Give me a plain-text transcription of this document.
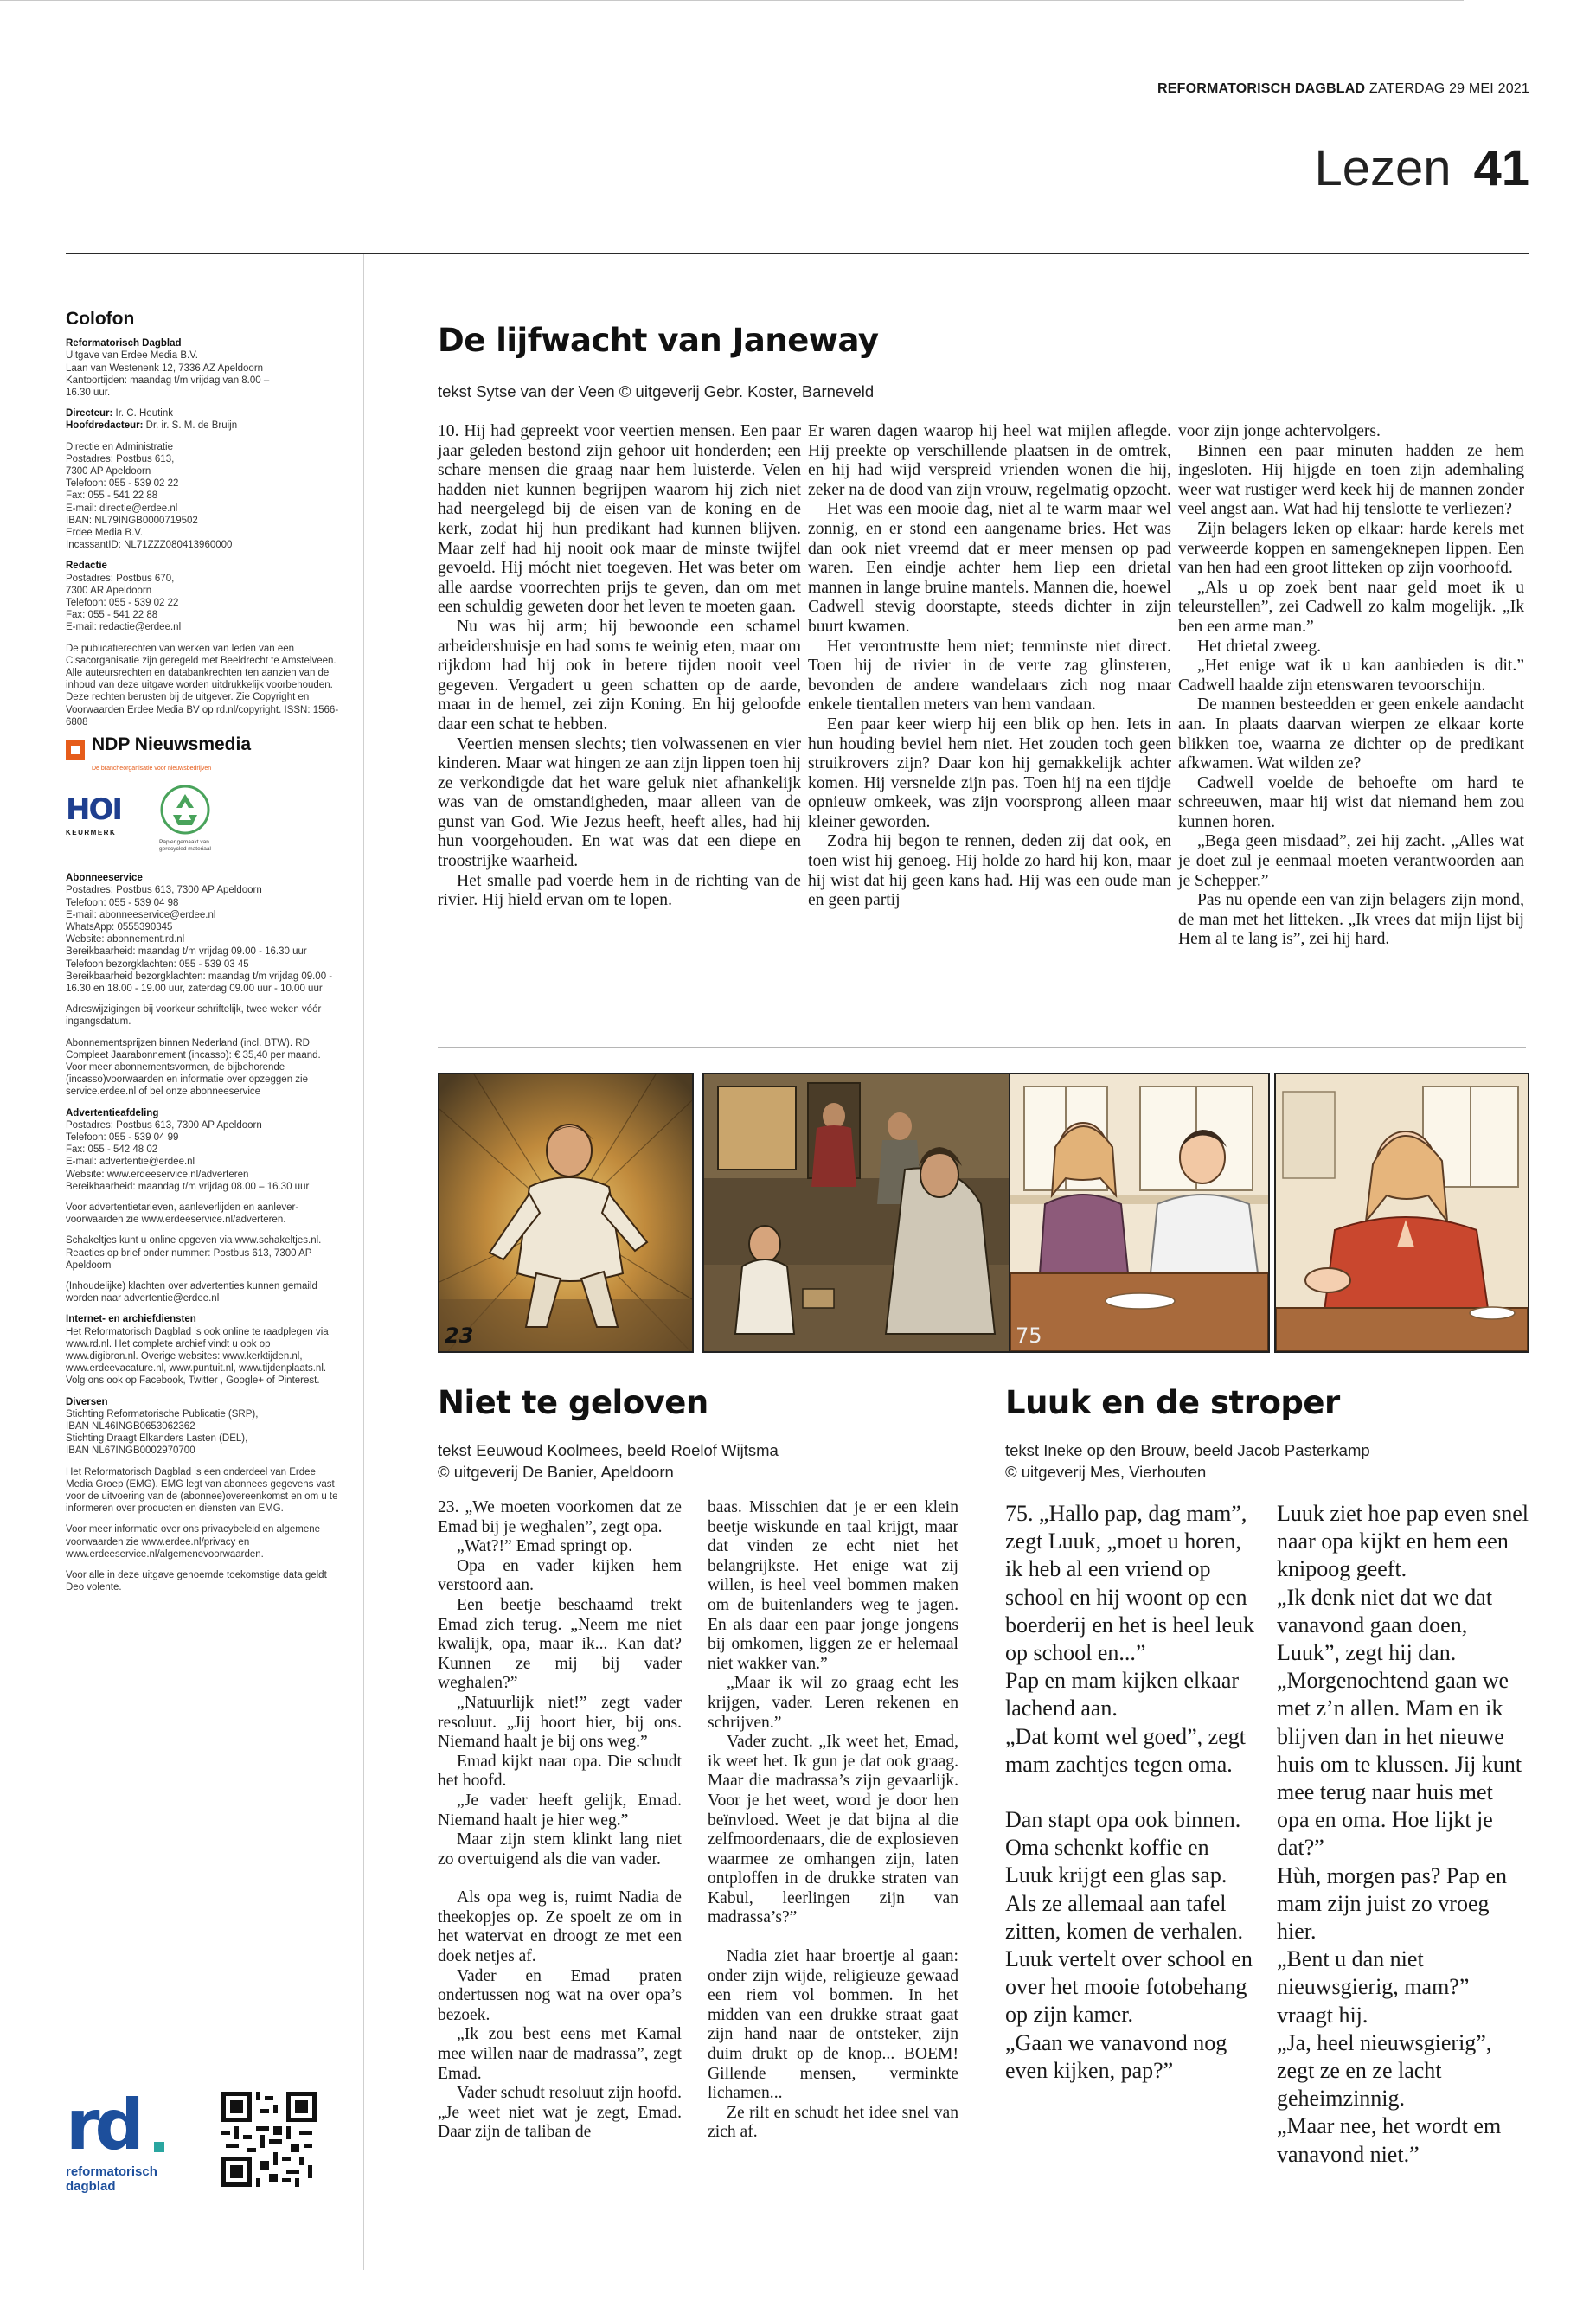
REFORMATORISCH DAGBLAD ZATERDAG 29 MEI 2021
Lezen 41
Colofon

Reformatorisch Dagblad

Uitgave van Erdee Media B.V.

Laan van Westenenk 12, 7336 AZ Apeldoorn

Kantoortijden: maandag t/m vrijdag van 8.00 –

16.30 uur.

Directeur: Ir. C. Heutink

Hoofdredacteur: Dr. ir. S. M. de Bruijn

Directie en Administratie

Postadres: Postbus 613,

7300 AP Apeldoorn

Telefoon: 055 - 539 02 22

Fax: 055 - 541 22 88

E-mail: directie@erdee.nl

IBAN: NL79INGB0000719502

Erdee Media B.V.

IncassantID: NL71ZZZ080413960000

Redactie

Postadres: Postbus 670,

7300 AR Apeldoorn

Telefoon: 055 - 539 02 22

Fax: 055 - 541 22 88

E-mail: redactie@erdee.nl

De publicatierechten van werken van leden van een Cisacorganisatie zijn geregeld met Beeldrecht te Amstelveen. Alle auteursrechten en databankrechten ten aanzien van de inhoud van deze uitgave worden uitdrukkelijk voorbehouden. Deze rechten berusten bij de uitgever. Zie Copyright en Voorwaarden Erdee Media BV op rd.nl/copyright. ISSN: 1566-6808
NDP Nieuwsmedia
De brancheorganisatie voor nieuwsbedrijven
HOI
KEURMERK
Papier gemaakt van gerecycled materiaal

Abonneeservice

Postadres: Postbus 613, 7300 AP Apeldoorn

Telefoon: 055 - 539 04 98

E-mail: abonneeservice@erdee.nl

WhatsApp: 0555390345

Website: abonnement.rd.nl

Bereikbaarheid: maandag t/m vrijdag 09.00 - 16.30 uur

Telefoon bezorgklachten: 055 - 539 03 45

Bereikbaarheid bezorgklachten: maandag t/m vrijdag 09.00 - 16.30 en 18.00 - 19.00 uur, zaterdag 09.00 uur - 10.00 uur

Adreswijzigingen bij voorkeur schriftelijk, twee weken vóór ingangsdatum.
Abonnementsprijzen binnen Nederland (incl. BTW). RD Compleet Jaarabonnement (incasso): € 35,40 per maand. Voor meer abonnementsvormen, de bijbehorende (incasso)voorwaarden en informatie over opzeggen zie service.erdee.nl of bel onze abonneeservice

Advertentieafdeling

Postadres: Postbus 613, 7300 AP Apeldoorn

Telefoon: 055 - 539 04 99

Fax: 055 - 542 48 02

E-mail: advertentie@erdee.nl

Website: www.erdeeservice.nl/adverteren

Bereikbaarheid: maandag t/m vrijdag 08.00 – 16.30 uur

Voor advertentietarieven, aanleverlijden en aanlever-voorwaarden zie www.erdeeservice.nl/adverteren.
Schakeltjes kunt u online opgeven via www.schakeltjes.nl. Reacties op brief onder nummer: Postbus 613, 7300 AP Apeldoorn
(Inhoudelijke) klachten over advertenties kunnen gemaild worden naar advertentie@erdee.nl

Internet- en archiefdiensten

Het Reformatorisch Dagblad is ook online te raadplegen via www.rd.nl. Het complete archief vindt u ook op www.digibron.nl. Overige websites: www.kerktijden.nl, www.erdeevacature.nl, www.puntuit.nl, www.tijdenplaats.nl. Volg ons ook op Facebook, Twitter , Google+ of Pinterest.

Diversen

Stichting Reformatorische Publicatie (SRP),

IBAN NL46INGB0653062362

Stichting Draagt Elkanders Lasten (DEL),

IBAN NL67INGB0002970700

Het Reformatorisch Dagblad is een onderdeel van Erdee Media Groep (EMG). EMG legt van abonnees gegevens vast voor de uitvoering van de (abonnee)overeenkomst en om u te informeren over producten en diensten van EMG.
Voor meer informatie over ons privacybeleid en algemene voorwaarden zie www.erdee.nl/privacy en www.erdeeservice.nl/algemenevoorwaarden.
Voor alle in deze uitgave genoemde toekomstige data geldt Deo volente.
rd
reformatorisch
dagblad
De lijfwacht van Janeway
tekst Sytse van der Veen © uitgeverij Gebr. Koster, Barneveld

10. Hij had gepreekt voor veertien mensen. Een paar jaar geleden bestond zijn gehoor uit honderden; een schare mensen die graag naar hem luisterde. Velen hadden niet kunnen begrijpen waarom hij zich niet had neergelegd bij de eisen van de koning en de kerk, zodat hij hun predikant had kunnen blijven. Maar zelf had hij nooit ook maar de minste twijfel gevoeld. Hij mócht niet toegeven. Het was beter om alle aardse voorrechten prijs te geven, dan om met een schuldig geweten door het leven te moeten gaan.

Nu was hij arm; hij bewoonde een schamel arbeidershuisje en had soms te weinig eten, maar om rijkdom had hij ook in betere tijden nooit veel gegeven. Vergadert u geen schatten op de aarde, maar in de hemel, zei zijn Koning. En hij geloofde daar een schat te hebben.

Veertien mensen slechts; tien volwassenen en vier kinderen. Maar wat hingen ze aan zijn lippen toen hij ze verkondigde dat het ware geluk niet afhankelijk was van de omstandigheden, maar alleen van de gunst van God. Wie Jezus heeft, heeft alles, had hij hun voorgehouden. En wat was dat een diepe en troostrijke waarheid.

Het smalle pad voerde hem in de richting van de rivier. Hij hield ervan om te lopen.

Er waren dagen waarop hij heel wat mijlen aflegde. Hij preekte op verschillende plaatsen in de omtrek, en hij had wijd verspreid vrienden wonen die hij, zeker na de dood van zijn vrouw, regelmatig opzocht.

Het was een mooie dag, niet al te warm maar wel zonnig, en er stond een aangename bries. Het was dan ook niet vreemd dat er meer mensen op pad waren. Een eindje achter hem liep een drietal mannen in lange bruine mantels. Mannen die, hoewel Cadwell stevig doorstapte, steeds dichter in zijn buurt kwamen.

Het verontrustte hem niet; tenminste niet direct. Toen hij de rivier in de verte zag glinsteren, bevonden de andere wandelaars zich nog maar enkele tientallen meters van hem vandaan.

Een paar keer wierp hij een blik op hen. Iets in hun houding beviel hem niet. Het zouden toch geen struikrovers zijn? Daar kon hij gemakkelijk achter komen. Hij versnelde zijn pas. Toen hij na een tijdje opnieuw omkeek, was zijn voorsprong alleen maar kleiner geworden.

Zodra hij begon te rennen, deden zij dat ook, en toen wist hij genoeg. Hij holde zo hard hij kon, maar hij wist dat hij geen kans had. Hij was een oude man en geen partij

voor zijn jonge achtervolgers.

Binnen een paar minuten hadden ze hem ingesloten. Hij hijgde en toen zijn ademhaling weer wat rustiger werd keek hij de mannen zonder veel angst aan. Wat had hij tenslotte te verliezen?

Zijn belagers leken op elkaar: harde kerels met verweerde koppen en samengeknepen lippen. Een van hen had een groot litteken op zijn voorhoofd.

„Als u op zoek bent naar geld moet ik u teleurstellen”, zei Cadwell zo kalm mogelijk. „Ik ben een arme man.”

Het drietal zweeg.

„Het enige wat ik u kan aanbieden is dit.” Cadwell haalde zijn etenswaren tevoorschijn.

De mannen besteedden er geen enkele aandacht aan. In plaats daarvan wierpen ze elkaar korte blikken toe, waarna ze dichter op de predikant afkwamen. Wat wilden ze?

Cadwell voelde de behoefte om hard te schreeuwen, maar hij wist dat niemand hem zou kunnen horen.

„Bega geen misdaad”, zei hij zacht. „Alles wat je doet zul je eenmaal moeten verantwoorden aan je Schepper.”

Pas nu opende een van zijn belagers zijn mond, de man met het litteken. „Ik vrees dat mijn lijst bij Hem al te lang is”, zei hij hard.

23	75
Niet te geloven
tekst Eeuwoud Koolmees, beeld Roelof Wijtsma
© uitgeverij De Banier, Apeldoorn

23. „We moeten voorkomen dat ze Emad bij je weghalen”, zegt opa.

„Wat?!” Emad springt op.

Opa en vader kijken hem verstoord aan.

Een beetje beschaamd trekt Emad zich terug. „Neem me niet kwalijk, opa, maar ik... Kan dat? Kunnen ze mij bij vader weghalen?”

„Natuurlijk niet!” zegt vader resoluut. „Jij hoort hier, bij ons. Niemand haalt je bij ons weg.”

Emad kijkt naar opa. Die schudt het hoofd.

„Je vader heeft gelijk, Emad. Niemand haalt je hier weg.”

Maar zijn stem klinkt lang niet zo overtuigend als die van vader.

Als opa weg is, ruimt Nadia de theekopjes op. Ze spoelt ze om in het watervat en droogt ze met een doek netjes af.

Vader en Emad praten ondertussen nog wat na over opa’s bezoek.

„Ik zou best eens met Kamal mee willen naar de madrassa”, zegt Emad.

Vader schudt resoluut zijn hoofd. „Je weet niet wat je zegt, Emad. Daar zijn de taliban de

baas. Misschien dat je er een klein beetje wiskunde en taal krijgt, maar dat vinden ze echt niet het belangrijkste. Het enige wat zij willen, is heel veel bommen maken om de buitenlanders weg te jagen. En als daar een paar jonge jongens bij omkomen, liggen ze er helemaal niet wakker van.”

„Maar ik wil zo graag echt les krijgen, vader. Leren rekenen en schrijven.”

Vader zucht. „Ik weet het, Emad, ik weet het. Ik gun je dat ook graag. Maar die madrassa’s zijn gevaarlijk. Voor je het weet, word je door hen beïnvloed. Weet je dat bijna al die zelfmoordenaars, die de explosieven waarmee ze omhangen zijn, laten ontploffen in de drukke straten van Kabul, leerlingen zijn van madrassa’s?”

Nadia ziet haar broertje al gaan: onder zijn wijde, religieuze gewaad een riem vol bommen. In het midden van een drukke straat gaat zijn hand naar de ontsteker, zijn duim drukt op de knop... BOEM! Gillende mensen, verminkte lichamen...

Ze rilt en schudt het idee snel van zich af.

Luuk en de stroper
tekst Ineke op den Brouw, beeld Jacob Pasterkamp
© uitgeverij Mes, Vierhouten

75. „Hallo pap, dag mam”, zegt Luuk, „moet u horen, ik heb al een vriend op school en hij woont op een boerderij en het is heel leuk op school en...”

Pap en mam kijken elkaar lachend aan.

„Dat komt wel goed”, zegt mam zachtjes tegen oma.

Dan stapt opa ook binnen.

Oma schenkt koffie en Luuk krijgt een glas sap. Als ze allemaal aan tafel zitten, komen de verhalen. Luuk vertelt over school en over het mooie fotobehang op zijn kamer.

„Gaan we vanavond nog even kijken, pap?”

Luuk ziet hoe pap even snel naar opa kijkt en hem een knipoog geeft.

„Ik denk niet dat we dat vanavond gaan doen, Luuk”, zegt hij dan.

„Morgenochtend gaan we met z’n allen. Mam en ik blijven dan in het nieuwe huis om te klussen. Jij kunt mee terug naar huis met opa en oma. Hoe lijkt je dat?”

Hùh, morgen pas? Pap en mam zijn juist zo vroeg hier.

„Bent u dan niet nieuwsgierig, mam?” vraagt hij.

„Ja, heel nieuwsgierig”, zegt ze en ze lacht geheimzinnig.

„Maar nee, het wordt em vanavond niet.”
